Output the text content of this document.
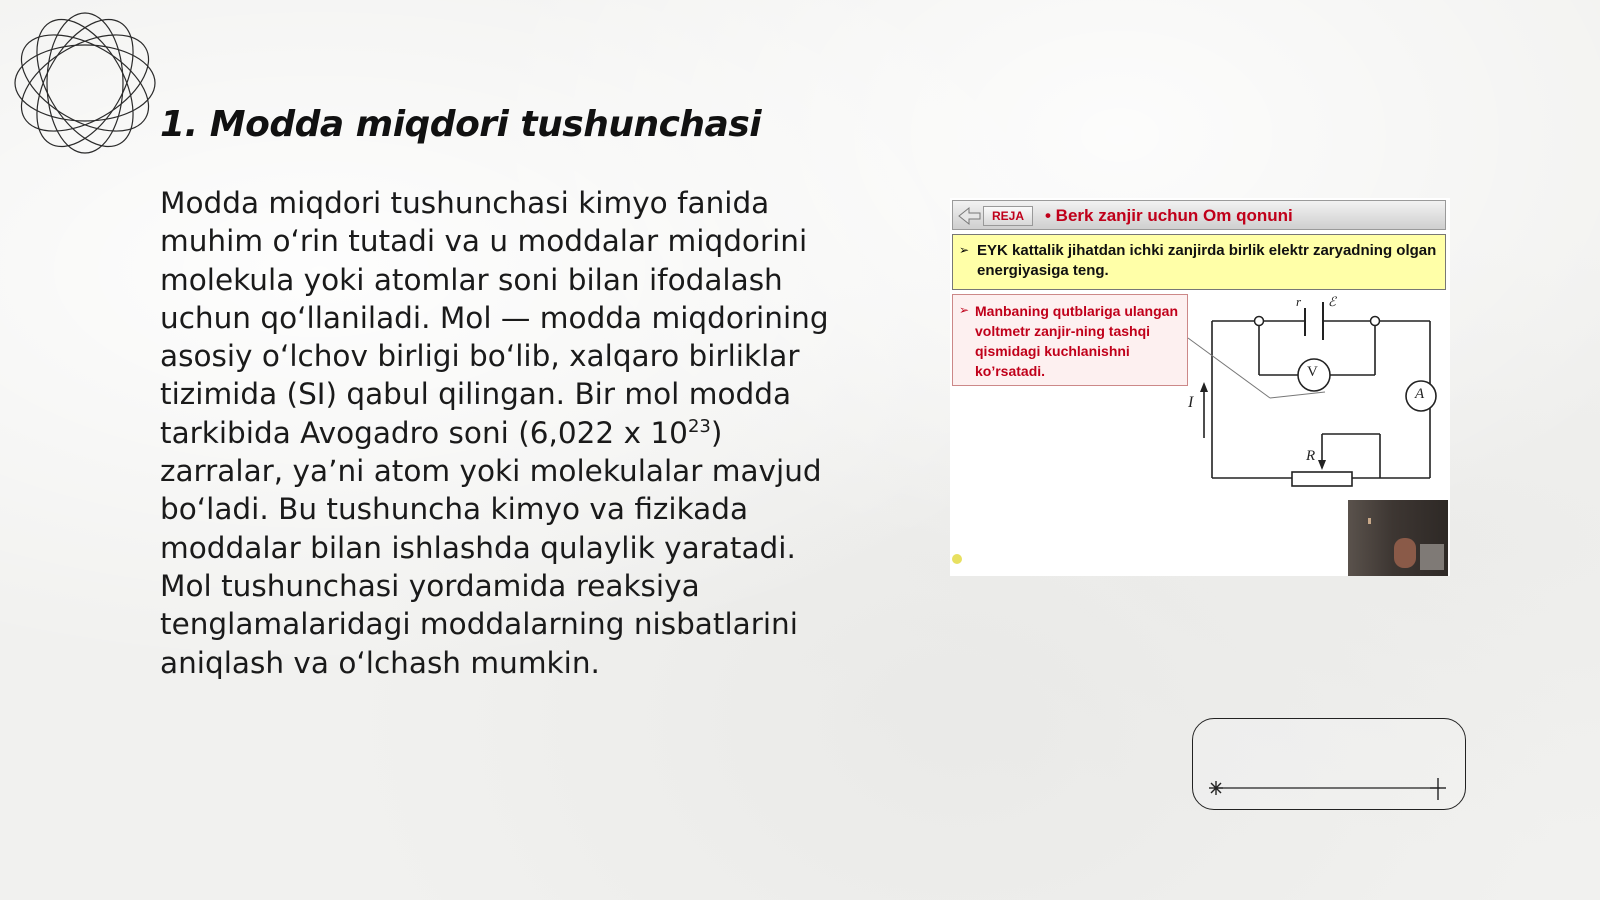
1. Modda miqdori tushunchasi
Modda miqdori tushunchasi kimyo fanida muhim o‘rin tutadi va u moddalar miqdorini molekula yoki atomlar soni bilan ifodalash uchun qo‘llaniladi. Mol — modda miqdorining asosiy o‘lchov birligi bo‘lib, xalqaro birliklar tizimida (SI) qabul qilingan. Bir mol modda tarkibida Avogadro soni (6,022 x $10^{23}$) zarralar, ya’ni atom yoki molekulalar mavjud bo‘ladi. Bu tushuncha kimyo va fizikada moddalar bilan ishlashda qulaylik yaratadi. Mol tushunchasi yordamida reaksiya tenglamalaridagi moddalarning nisbatlarini aniqlash va o‘lchash mumkin.
REJA	• Berk zanjir uchun Om qonuni
➢ EYK kattalik jihatdan ichki zanjirda birlik elektr zaryadning olgan energiyasiga teng.
➢ Manbaning qutblariga ulangan voltmetr zanjir-ning tashqi qismidagi kuchlanishni ko’rsatadi.	V
A
R
I
r ℰ
